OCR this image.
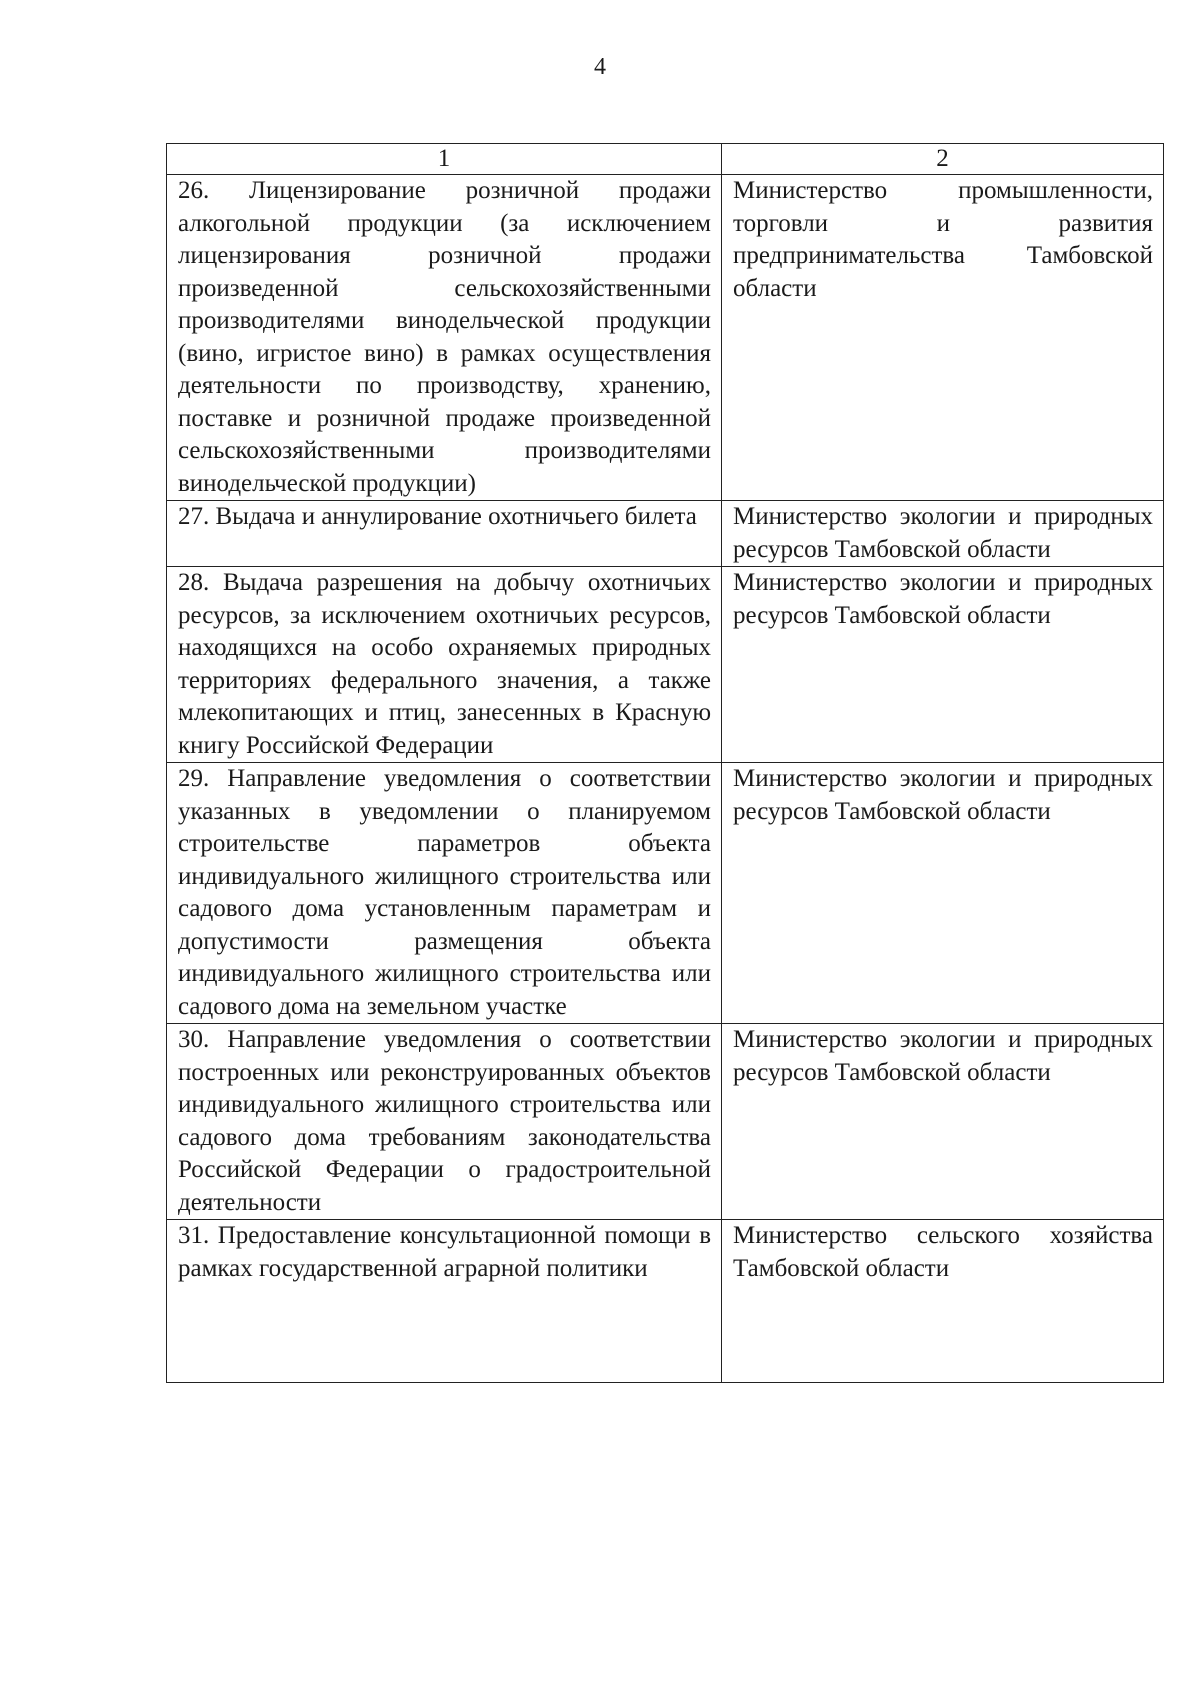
4
1	2
26. Лицензирование розничной продажи алкогольной продукции (за исключением лицензирования розничной продажи произведенной сельскохозяйственными производителями винодельческой продукции (вино, игристое вино) в рамках осуществления деятельности по производству, хранению, поставке и розничной продаже произведенной сельскохозяйственными производителями винодельческой продукции)	Министерство промышленности, торговли и развития предпринимательства Тамбовской области
27. Выдача и аннулирование охотничьего билета	Министерство экологии и природных ресурсов Тамбовской области
28. Выдача разрешения на добычу охотничьих ресурсов, за исключением охотничьих ресурсов, находящихся на особо охраняемых природных территориях федерального значения, а также млекопитающих и птиц, занесенных в Красную книгу Российской Федерации	Министерство экологии и природных ресурсов Тамбовской области
29. Направление уведомления о соответствии указанных в уведомлении о планируемом строительстве параметров объекта индивидуального жилищного строительства или садового дома установленным параметрам и допустимости размещения объекта индивидуального жилищного строительства или садового дома на земельном участке	Министерство экологии и природных ресурсов Тамбовской области
30. Направление уведомления о соответствии построенных или реконструированных объектов индивидуального жилищного строительства или садового дома требованиям законодательства Российской Федерации о градостроительной деятельности	Министерство экологии и природных ресурсов Тамбовской области
31. Предоставление консультационной помощи в рамках государственной аграрной политики	Министерство сельского хозяйства Тамбовской области
